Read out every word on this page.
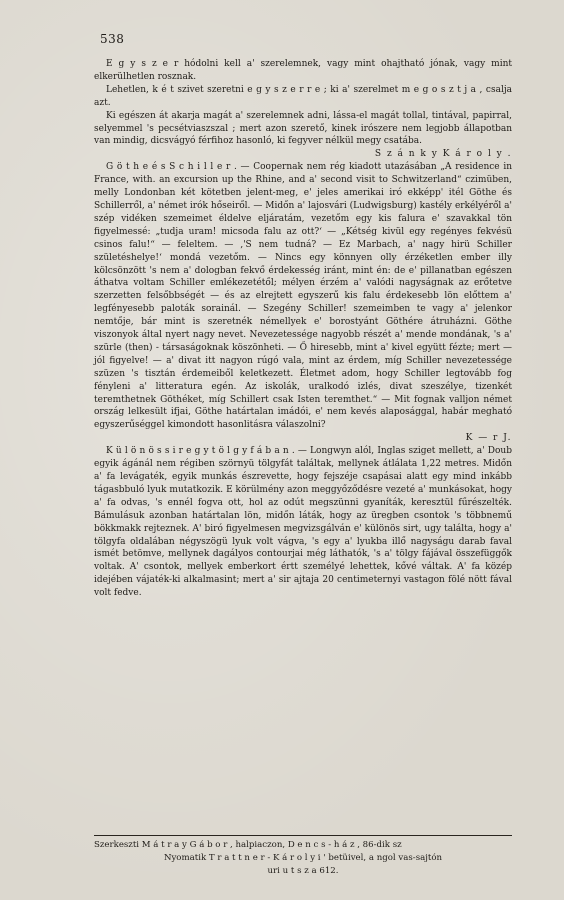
538

E g y s z e r hódolni kell a' szerelemnek, vagy mint ohajtható jónak, vagy mint elkerülhetlen rosznak.

Lehetlen, k é t szivet szeretni e g y s z e r r e ; ki a' szerelmet m e g o s z t j a , csalja azt.

Ki egészen át akarja magát a' szerelemnek adni, lássa-el magát tollal, tintával, papirral, selyemmel 's pecsétviaszszal ; mert azon szerető, kinek irószere nem legjobb állapotban van mindig, dicsvágyó férfihoz hasonló, ki fegyver nélkül megy csatába.

S z á n k y K á r o l y .

G ö t h e é s S c h i l l e r . — Coopernak nem rég kiadott utazásában „A residence in France, with. an excursion up the Rhine, and a' second visit to Schwitzerland“ czimüben, melly Londonban két kötetben jelent-meg, e' jeles amerikai iró ekképp' itél Göthe és Schillerről, a' német irók hőseiről. — Midőn a' lajosvári (Ludwigsburg) kastély erkélyéről a' szép vidéken szemeimet éldelve eljáratám, vezetőm egy kis falura e' szavakkal tön figyelmessé: „tudja uram! micsoda falu az ott?‘ — „Kétség kivül egy regényes fekvésü csinos falu!“ — feleltem. — ‚'S nem tudná? — Ez Marbach, a' nagy hirü Schiller születéshelye!‘ mondá vezetőm. — Nincs egy könnyen olly érzéketlen ember illy kölcsönzött 's nem a' dologban fekvő érdekesség iránt, mint én: de e' pillanatban egészen áthatva voltam Schiller emlékezetétől; mélyen érzém a' valódi nagyságnak az erőtetve szerzetten felsőbbségét — és az elrejtett egyszerű kis falu érdekesebb lön előttem a' legfényesebb paloták sorainál. — Szegény Schiller! szemeimben te vagy a' jelenkor nemtője, bár mint is szeretnék némellyek e' borostyánt Göthére átruházni. Göthe viszonyok által nyert nagy nevet. Nevezetessége nagyobb részét a' mende mondának, 's a' szürle (then) - társaságoknak köszönheti. — Ő hiresebb, mint a' kivel együtt fézte; mert — jól figyelve! — a' divat itt nagyon rúgó vala, mint az érdem, míg Schiller nevezetessége szüzen 's tisztán érdemeiből keletkezett. Életmet adom, hogy Schiller legtovább fog fényleni a' litteratura egén. Az iskolák, uralkodó izlés, divat szeszélye, tizenkét teremthetnek Göthéket, míg Schillert csak Isten teremthet.“ — Mit fognak valljon német ország lelkesült ifjai, Göthe határtalan imádói, e' nem kevés alaposággal, habár megható egyszerűséggel kimondott hasonlitásra válaszolni?

K — r J.

K ü l ö n ö s s i r e g y t ö l g y f á b a n . — Longwyn alól, Inglas sziget mellett, a' Doub egyik ágánál nem régiben szörnyü tölgyfát találtak, mellynek átlálata 1,22 metres. Midőn a' fa levágaték, egyik munkás észrevette, hogy fejszéje csapásai alatt egy mind inkább tágasbbuló lyuk mutatkozik. E körülmény azon meggyőződésre vezeté a' munkásokat, hogy a' fa odvas, 's ennél fogva ott, hol az odút megszünni gyaníták, keresztül fűrészelték. Bámulásuk azonban határtalan lön, midőn láták, hogy az üregben csontok 's többnemű bökkmakk rejteznek. A' biró figyelmesen megvizsgálván e' különös sirt, ugy találta, hogy a' tölgyfa oldalában négyszögü lyuk volt vágva, 's egy a' lyukba illő nagyságu darab faval ismét betömve, mellynek dagályos contourjai még láthatók, 's a' tölgy fájával összefüggők voltak. A' csontok, mellyek emberkort értt személyé lehettek, kővé váltak. A' fa közép idejében vájaték-ki alkalmasint; mert a' sir ajtaja 20 centimeternyi vastagon fölé nött fával volt fedve.

Szerkeszti M á t r a y G á b o r , halpiaczon, D e n c s - h á z , 86-dik sz
Nyomatik T r a t t n e r - K á r o l y i ' betüivel, a ngol vas-sajtón
uri u t s z a 612.
